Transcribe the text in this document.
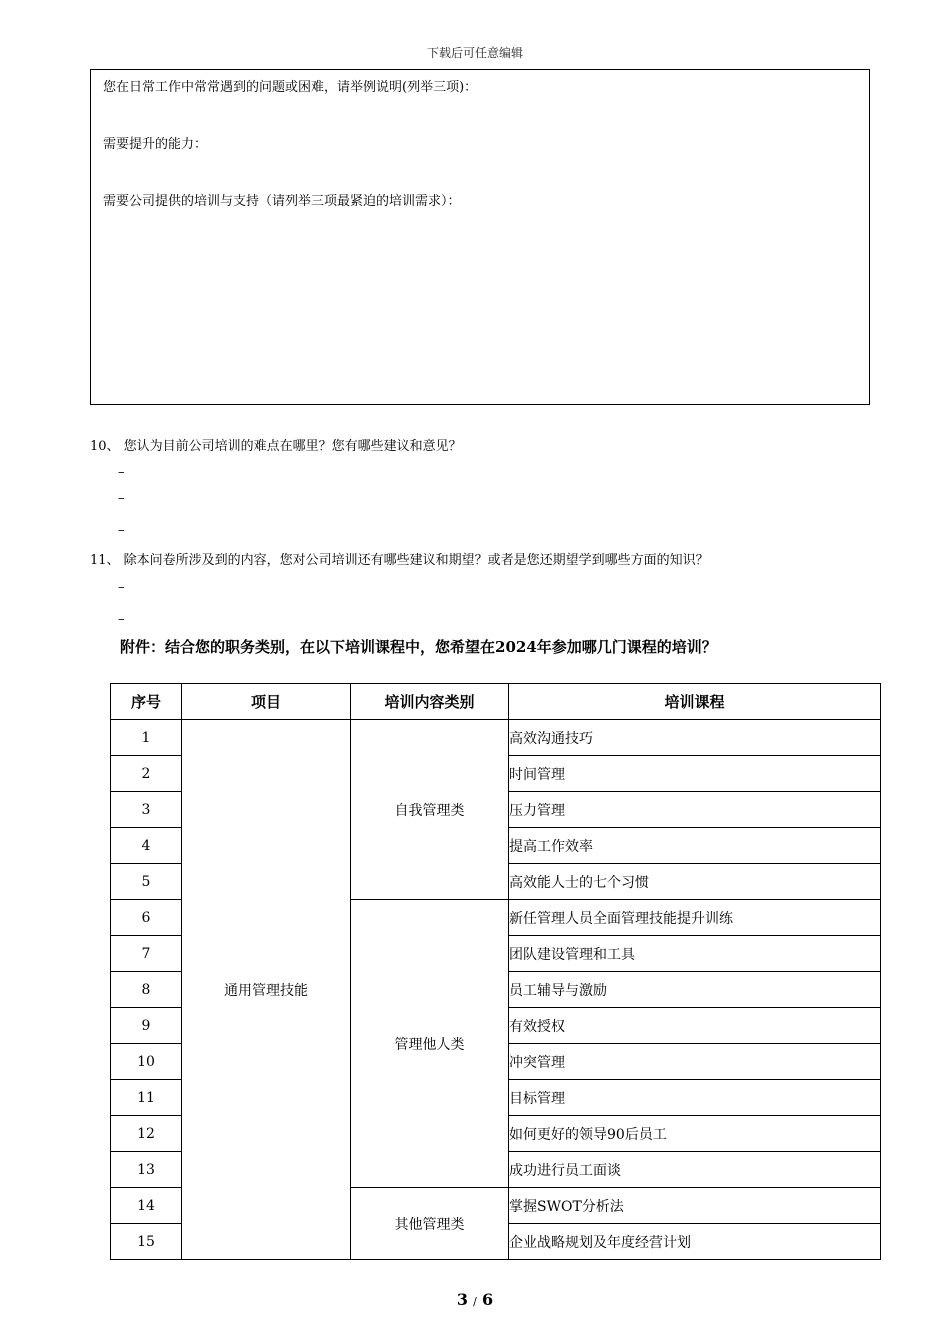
下载后可任意编辑
您在日常工作中常常遇到的问题或困难，请举例说明(列举三项)：
需要提升的能力：
需要公司提供的培训与支持（请列举三项最紧迫的培训需求）：
10、 您认为目前公司培训的难点在哪里？您有哪些建议和意见？
–
–
–
11、 除本问卷所涉及到的内容，您对公司培训还有哪些建议和期望？或者是您还期望学到哪些方面的知识？
–
–
附件：结合您的职务类别，在以下培训课程中，您希望在2024年参加哪几门课程的培训？
序号	项目	培训内容类别	培训课程
1	通用管理技能	自我管理类	高效沟通技巧
2			时间管理
3			压力管理
4			提高工作效率
5			高效能人士的七个习惯
6		管理他人类	新任管理人员全面管理技能提升训练
7			团队建设管理和工具
8			员工辅导与激励
9			有效授权
10			冲突管理
11			目标管理
12			如何更好的领导90后员工
13			成功进行员工面谈
14		其他管理类	掌握SWOT分析法
15			企业战略规划及年度经营计划
3 / 6
